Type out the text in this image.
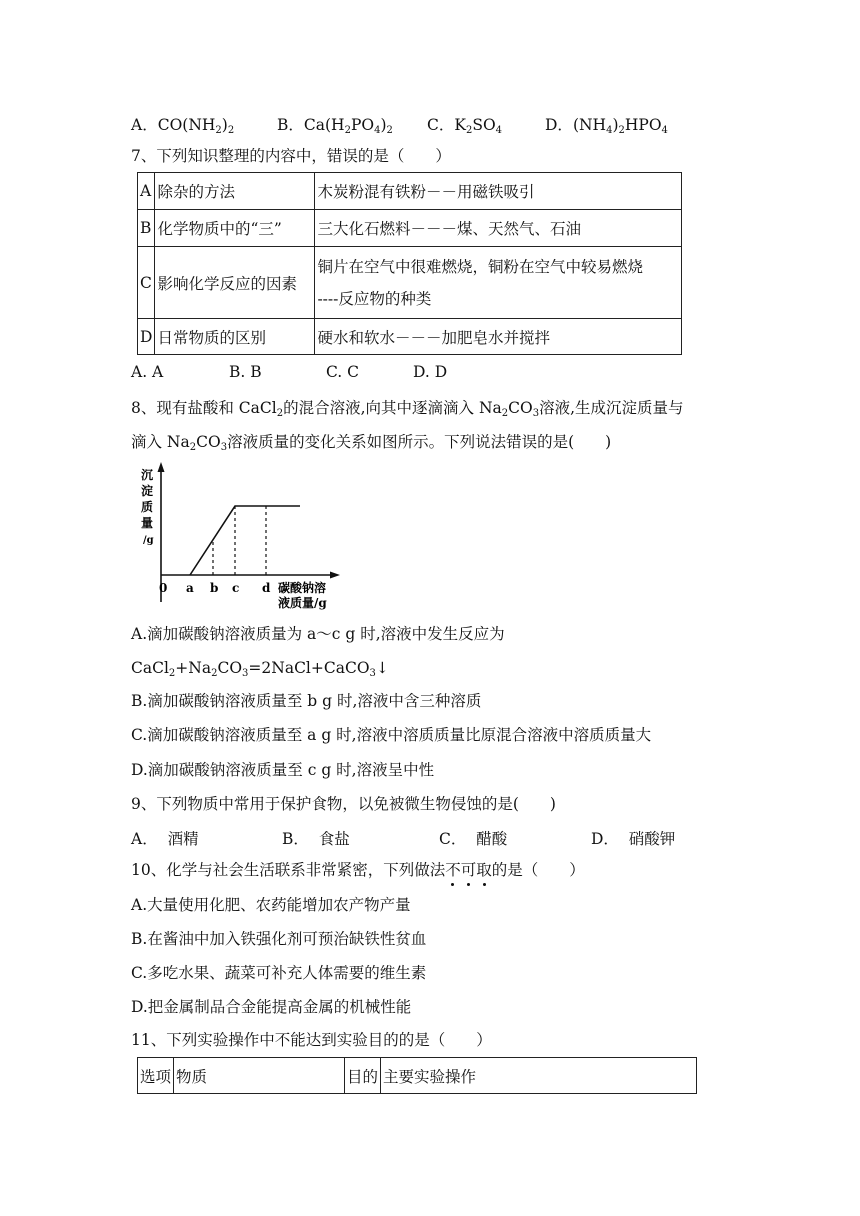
A．$CO(NH_2)_2$	B．$Ca(H_2PO_4)_2$ C．$K_2SO_4$	D．$(NH_4)_2HPO_4$
7、下列知识整理的内容中，错误的是（　　）
A	除杂的方法	木炭粉混有铁粉－－用磁铁吸引
B	化学物质中的“三”	三大化石燃料－－－煤、天然气、石油
C	影响化学反应的因素	铜片在空气中很难燃烧，铜粉在空气中较易燃烧
----反应物的种类

D	日常物质的区别	硬水和软水－－－加肥皂水并搅拌
A. A	B. B	C. C	D. D
8、现有盐酸和 CaCl$_2$的混合溶液,向其中逐滴滴入 $Na_2CO_3$溶液,生成沉淀质量与
滴入 $Na_2CO_3$溶液质量的变化关系如图所示。下列说法错误的是(　　)
沉
淀
质
量
/g
0 a b c d 碳酸钠溶
液质量/g
A.滴加碳酸钠溶液质量为 a～c g 时,溶液中发生反应为
$CaCl_2+Na_2CO_3=2NaCl+CaCO_3↓$
B.滴加碳酸钠溶液质量至 b g 时,溶液中含三种溶质
C.滴加碳酸钠溶液质量至 a g 时,溶液中溶质质量比原混合溶液中溶质质量大
D.滴加碳酸钠溶液质量至 c g 时,溶液呈中性
9、下列物质中常用于保护食物，以免被微生物侵蚀的是(　　)
A． 酒精	B． 食盐	C． 醋酸	D． 硝酸钾
10、化学与社会生活联系非常紧密，下列做法不可取的是（　　）
A.大量使用化肥、农药能增加农产物产量
B.在酱油中加入铁强化剂可预治缺铁性贫血
C.多吃水果、蔬菜可补充人体需要的维生素
D.把金属制品合金能提高金属的机械性能
11、下列实验操作中不能达到实验目的的是（　　）
选项	物质	目的	主要实验操作
